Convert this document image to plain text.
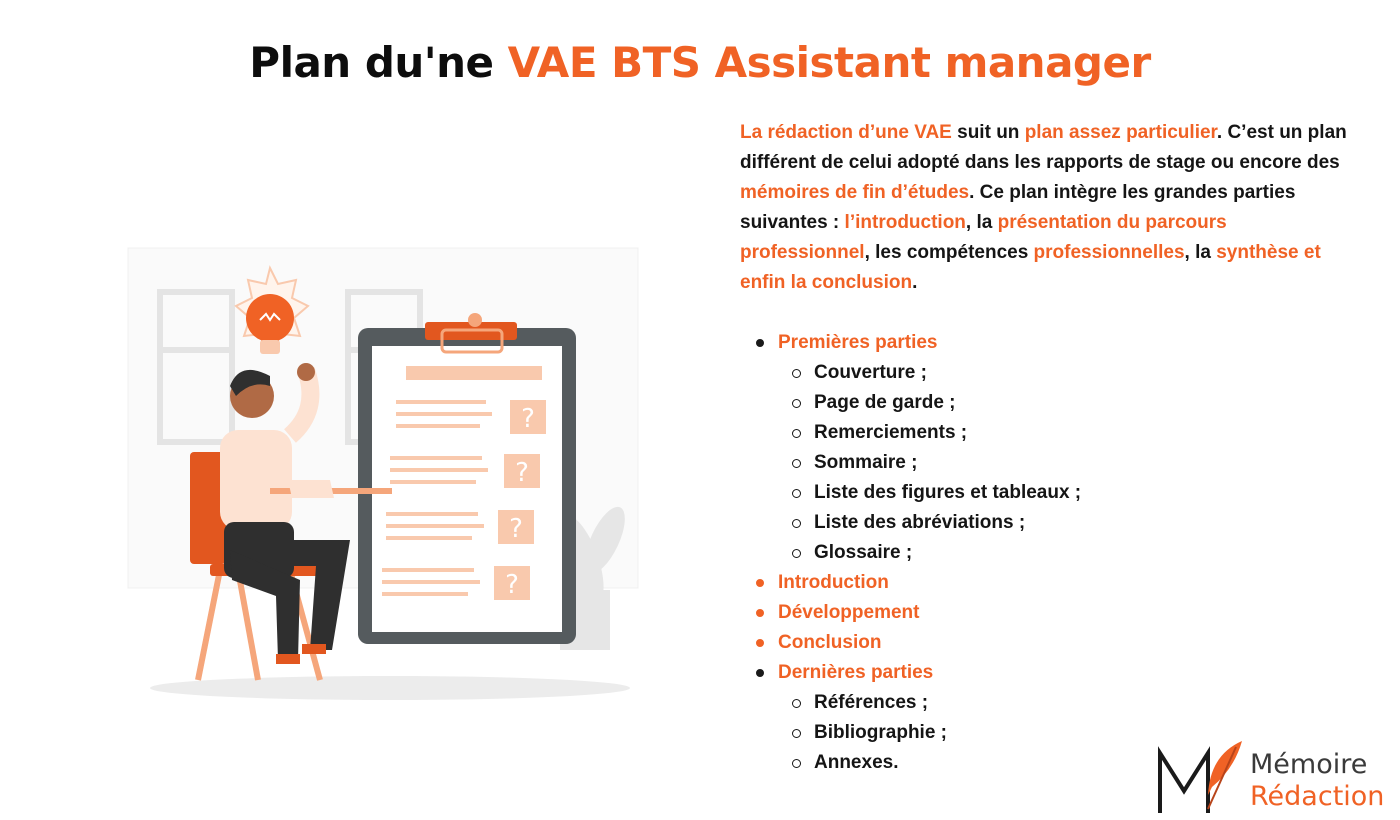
Plan du'ne VAE BTS Assistant manager

La rédaction d’une VAE suit un plan assez particulier. C’est un plan différent de celui adopté dans les rapports de stage ou encore des mémoires de fin d’études. Ce plan intègre les grandes parties suivantes : l’introduction, la présentation du parcours professionnel, les compétences professionnelles, la synthèse et enfin la conclusion.

Premières parties
Couverture ;
Page de garde ;
Remerciements ;
Sommaire ;
Liste des figures et tableaux ;
Liste des abréviations ;
Glossaire ;
Introduction
Développement
Conclusion
Dernières parties
Références ;
Bibliographie ;
Annexes.
?
?
?
?
Mémoire
Rédaction
